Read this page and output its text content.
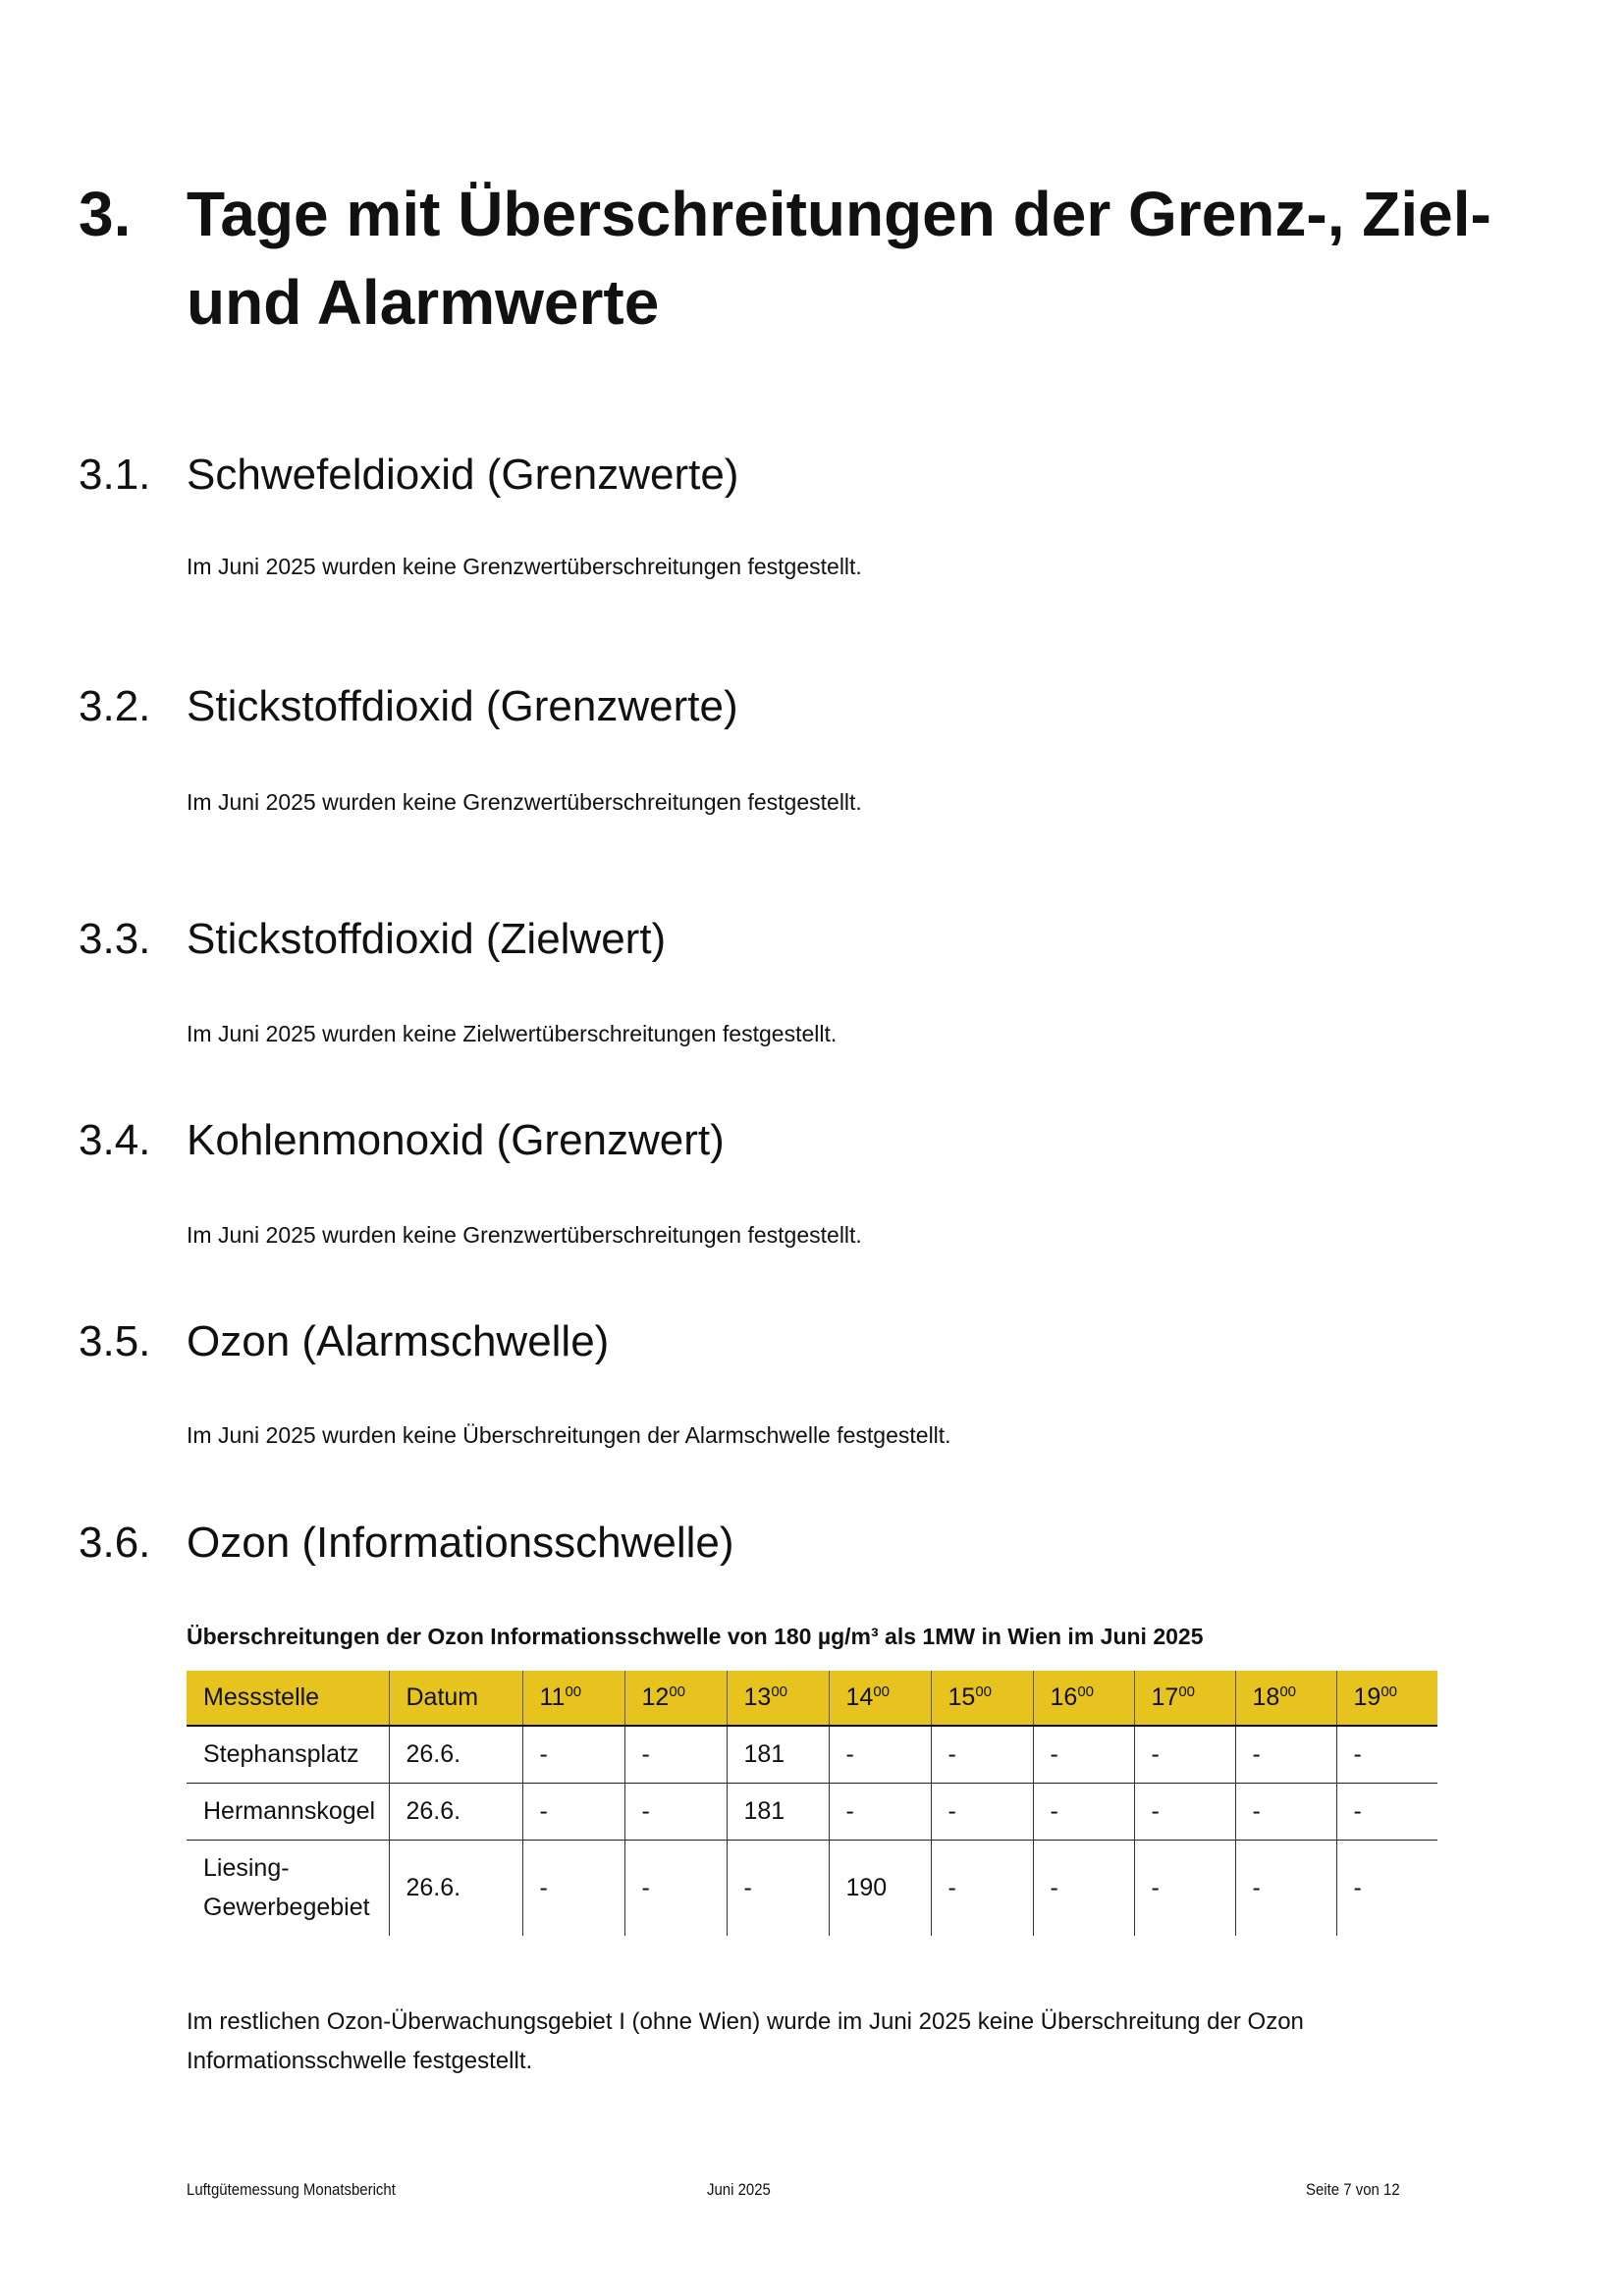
3. Tage mit Überschreitungen der Grenz-, Ziel- und Alarmwerte
3.1. Schwefeldioxid (Grenzwerte)
Im Juni 2025 wurden keine Grenzwertüberschreitungen festgestellt.
3.2. Stickstoffdioxid (Grenzwerte)
Im Juni 2025 wurden keine Grenzwertüberschreitungen festgestellt.
3.3. Stickstoffdioxid (Zielwert)
Im Juni 2025 wurden keine Zielwertüberschreitungen festgestellt.
3.4. Kohlenmonoxid (Grenzwert)
Im Juni 2025 wurden keine Grenzwertüberschreitungen festgestellt.
3.5. Ozon (Alarmschwelle)
Im Juni 2025 wurden keine Überschreitungen der Alarmschwelle festgestellt.
3.6. Ozon (Informationsschwelle)
Überschreitungen der Ozon Informationsschwelle von 180 µg/m³ als 1MW in Wien im Juni 2025
Messstelle	Datum	$11^{00}$	$12^{00}$	$13^{00}$	$14^{00}$	$15^{00}$	$16^{00}$	$17^{00}$	$18^{00}$	$19^{00}$
Stephansplatz	26.6.	-	-	181	-	-	-	-	-	-
Hermannskogel	26.6.	-	-	181	-	-	-	-	-	-
Liesing-
Gewerbegebiet	26.6.	-	-	-	190	-	-	-	-	-
Im restlichen Ozon-Überwachungsgebiet I (ohne Wien) wurde im Juni 2025 keine Überschreitung der Ozon Informationsschwelle festgestellt.
Luftgütemessung Monatsbericht	Juni 2025	Seite 7 von 12
